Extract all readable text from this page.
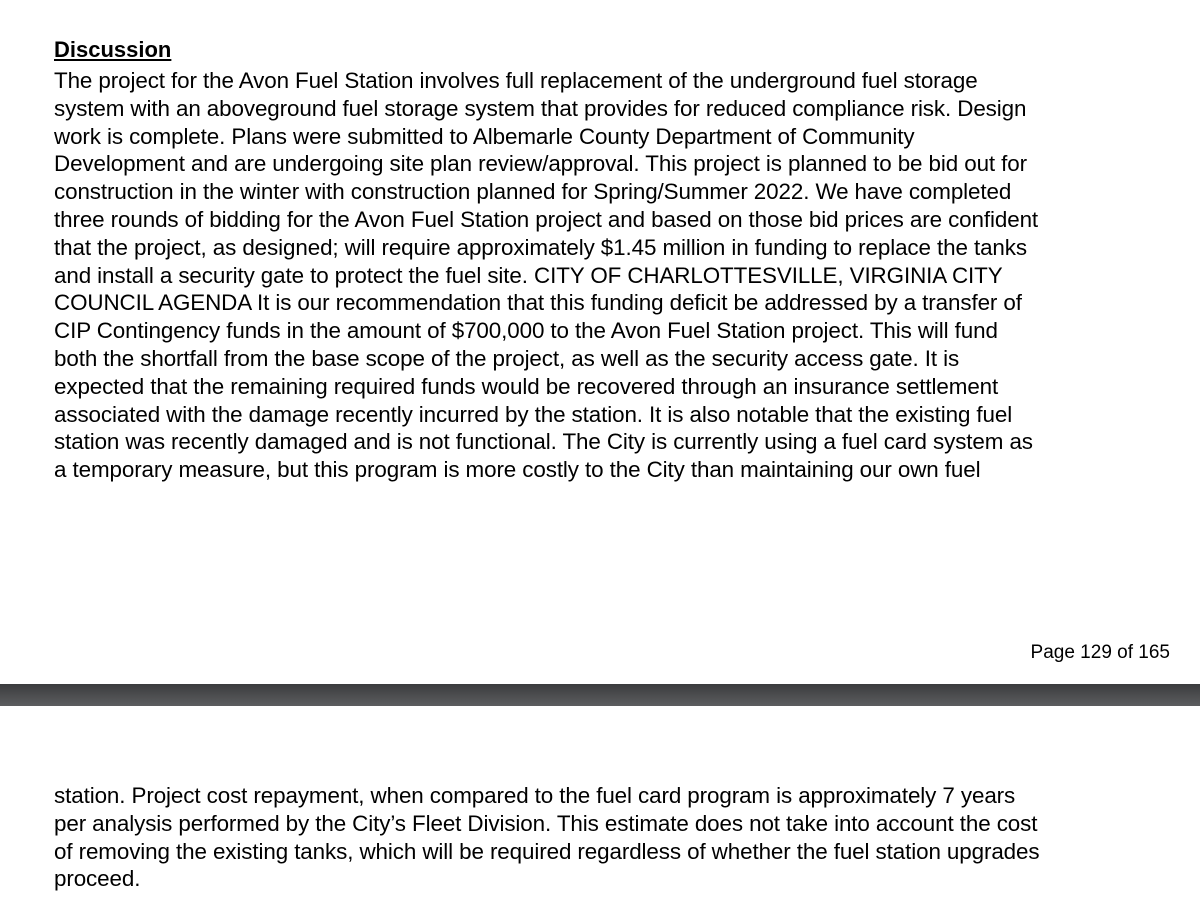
Discussion

The project for the Avon Fuel Station involves full replacement of the underground fuel storage
system with an aboveground fuel storage system that provides for reduced compliance risk. Design
work is complete. Plans were submitted to Albemarle County Department of Community
Development and are undergoing site plan review/approval. This project is planned to be bid out for
construction in the winter with construction planned for Spring/Summer 2022. We have completed
three rounds of bidding for the Avon Fuel Station project and based on those bid prices are confident
that the project, as designed; will require approximately $1.45 million in funding to replace the tanks
and install a security gate to protect the fuel site. CITY OF CHARLOTTESVILLE, VIRGINIA CITY
COUNCIL AGENDA It is our recommendation that this funding deficit be addressed by a transfer of
CIP Contingency funds in the amount of $700,000 to the Avon Fuel Station project. This will fund
both the shortfall from the base scope of the project, as well as the security access gate. It is
expected that the remaining required funds would be recovered through an insurance settlement
associated with the damage recently incurred by the station. It is also notable that the existing fuel
station was recently damaged and is not functional. The City is currently using a fuel card system as
a temporary measure, but this program is more costly to the City than maintaining our own fuel

Page 129 of 165

station. Project cost repayment, when compared to the fuel card program is approximately 7 years
per analysis performed by the City’s Fleet Division. This estimate does not take into account the cost
of removing the existing tanks, which will be required regardless of whether the fuel station upgrades
proceed.
